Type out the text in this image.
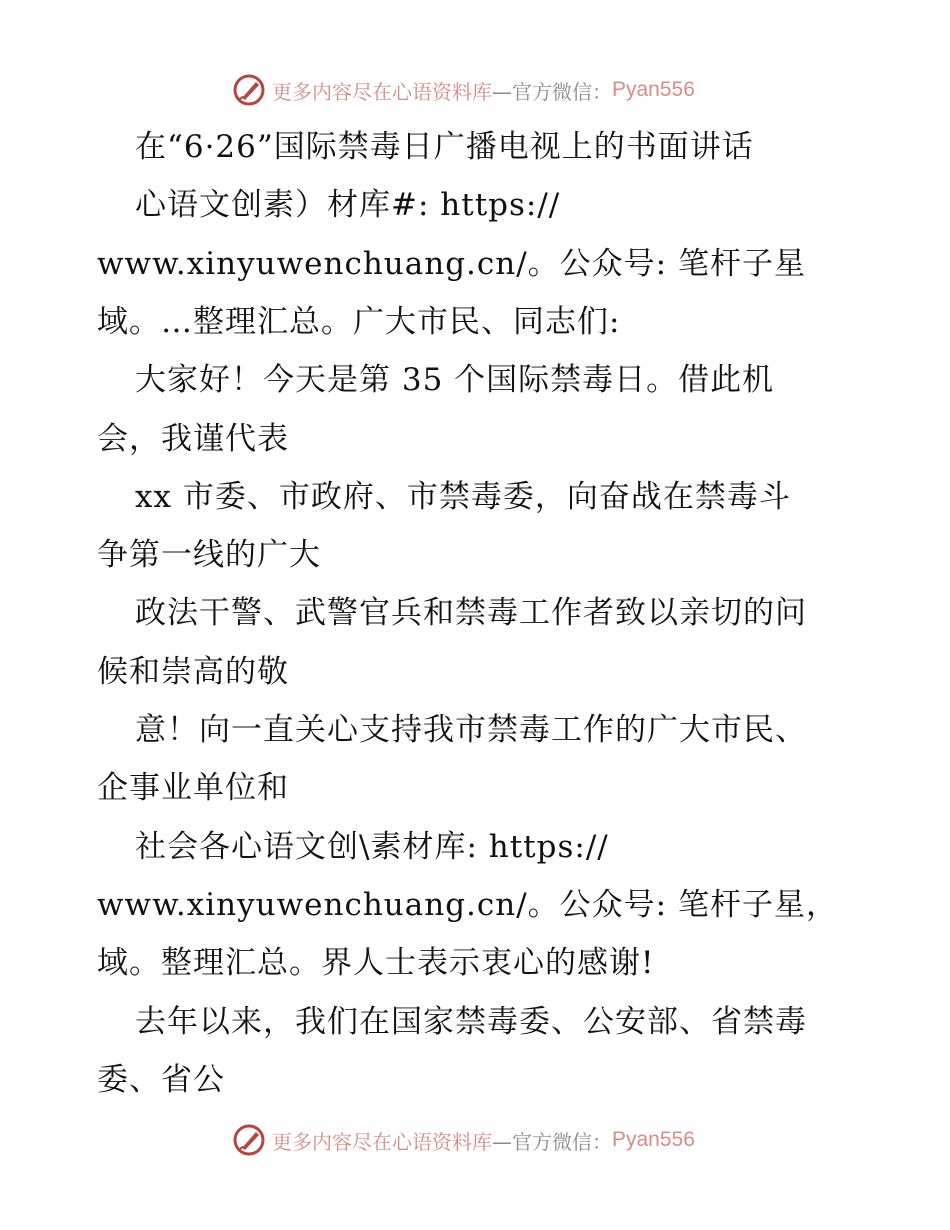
更多内容尽在心语资料库 —官方微信： Pyan556
在“6·26”国际禁毒日广播电视上的书面讲话
心语文创素）材库#: https://
www.xinyuwenchuang.cn/。公众号: 笔杆子星
域。…整理汇总。广大市民、同志们:
大家好！今天是第 35 个国际禁毒日。借此机
会，我谨代表
xx 市委、市政府、市禁毒委，向奋战在禁毒斗
争第一线的广大
政法干警、武警官兵和禁毒工作者致以亲切的问
候和崇高的敬
意！向一直关心支持我市禁毒工作的广大市民、
企事业单位和
社会各心语文创\素材库: https://
www.xinyuwenchuang.cn/。公众号: 笔杆子星，
域。整理汇总。界人士表示衷心的感谢!
去年以来，我们在国家禁毒委、公安部、省禁毒
委、省公
更多内容尽在心语资料库 —官方微信： Pyan556
